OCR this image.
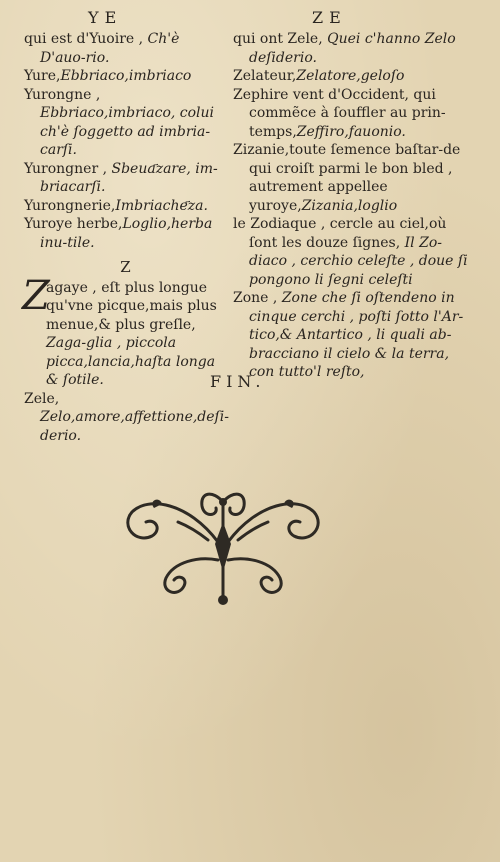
YE	ZE

qui est d'Yuoire , Ch'è D'auo-rio.

Yure,Ebbriaco,imbriaco

Yurongne , Ebbriaco,imbriaco, colui ch'è ſoggetto ad imbria-carſi.

Yurongner , Sbeua҃zare, im-briacarſi.

Yurongnerie,Imbriache҃za.

Yuroye herbe,Loglio,herba inu-tile.

Z

Z
agaye , eſt plus longue qu'vne picque,mais plus menue,& plus greſle, Zaga-glia , piccola picca,lancia,haſta longa & ſotile.

Zele, Zelo,amore,affettione,deſi-derio.

qui ont Zele, Quei c'hanno Zelo deſiderio.

Zelateur,Zelatore,geloſo

Zephire vent d'Occident, qui commẽce à ſouffler au prin-temps,Zeffiro,fauonio.

Zizanie,toute ſemence baſtar-de qui croiſt parmi le bon bled , autrement appellee yuroye,Zizania,loglio

le Zodiaque , cercle au ciel,où ſont les douze ſignes, Il Zo-diaco , cerchio celeſte , doue ſi pongono li ſegni celeſti

Zone , Zone che ſi oſtendeno in cinque cerchi , poſti ſotto l'Ar-tico,& Antartico , li quali ab-bracciano il cielo & la terra, con tutto'l reſto,

FIN.
